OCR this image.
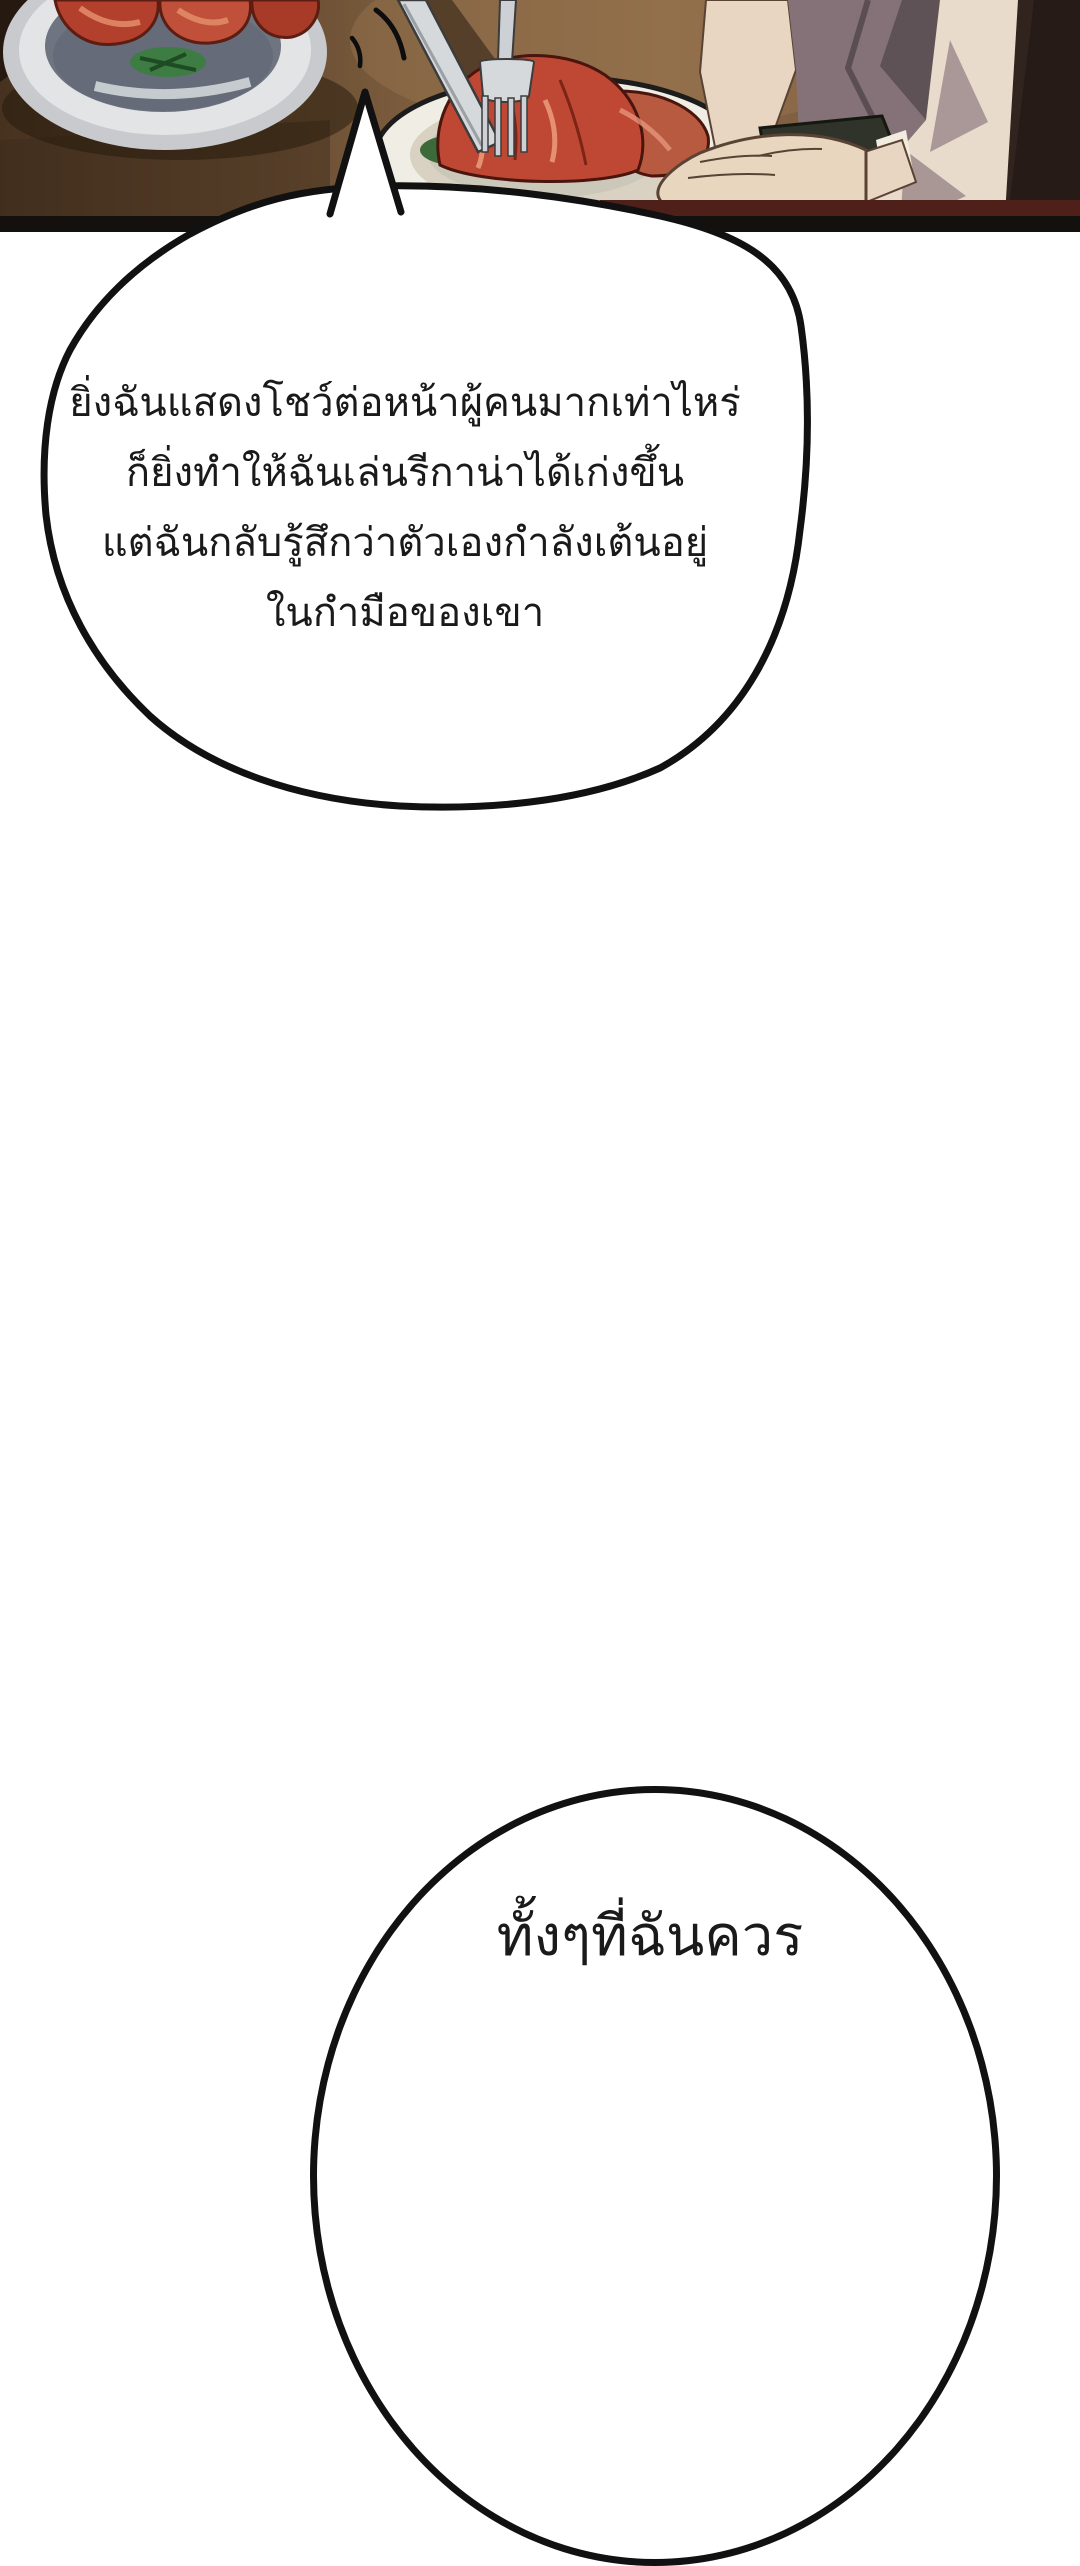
ยิ่งฉันแสดงโชว์ต่อหน้าผู้คนมากเท่าไหร่
ก็ยิ่งทำให้ฉันเล่นรีกาน่าได้เก่งขึ้น
แต่ฉันกลับรู้สึกว่าตัวเองกำลังเต้นอยู่
ในกำมือของเขา
ทั้งๆที่ฉันควร
